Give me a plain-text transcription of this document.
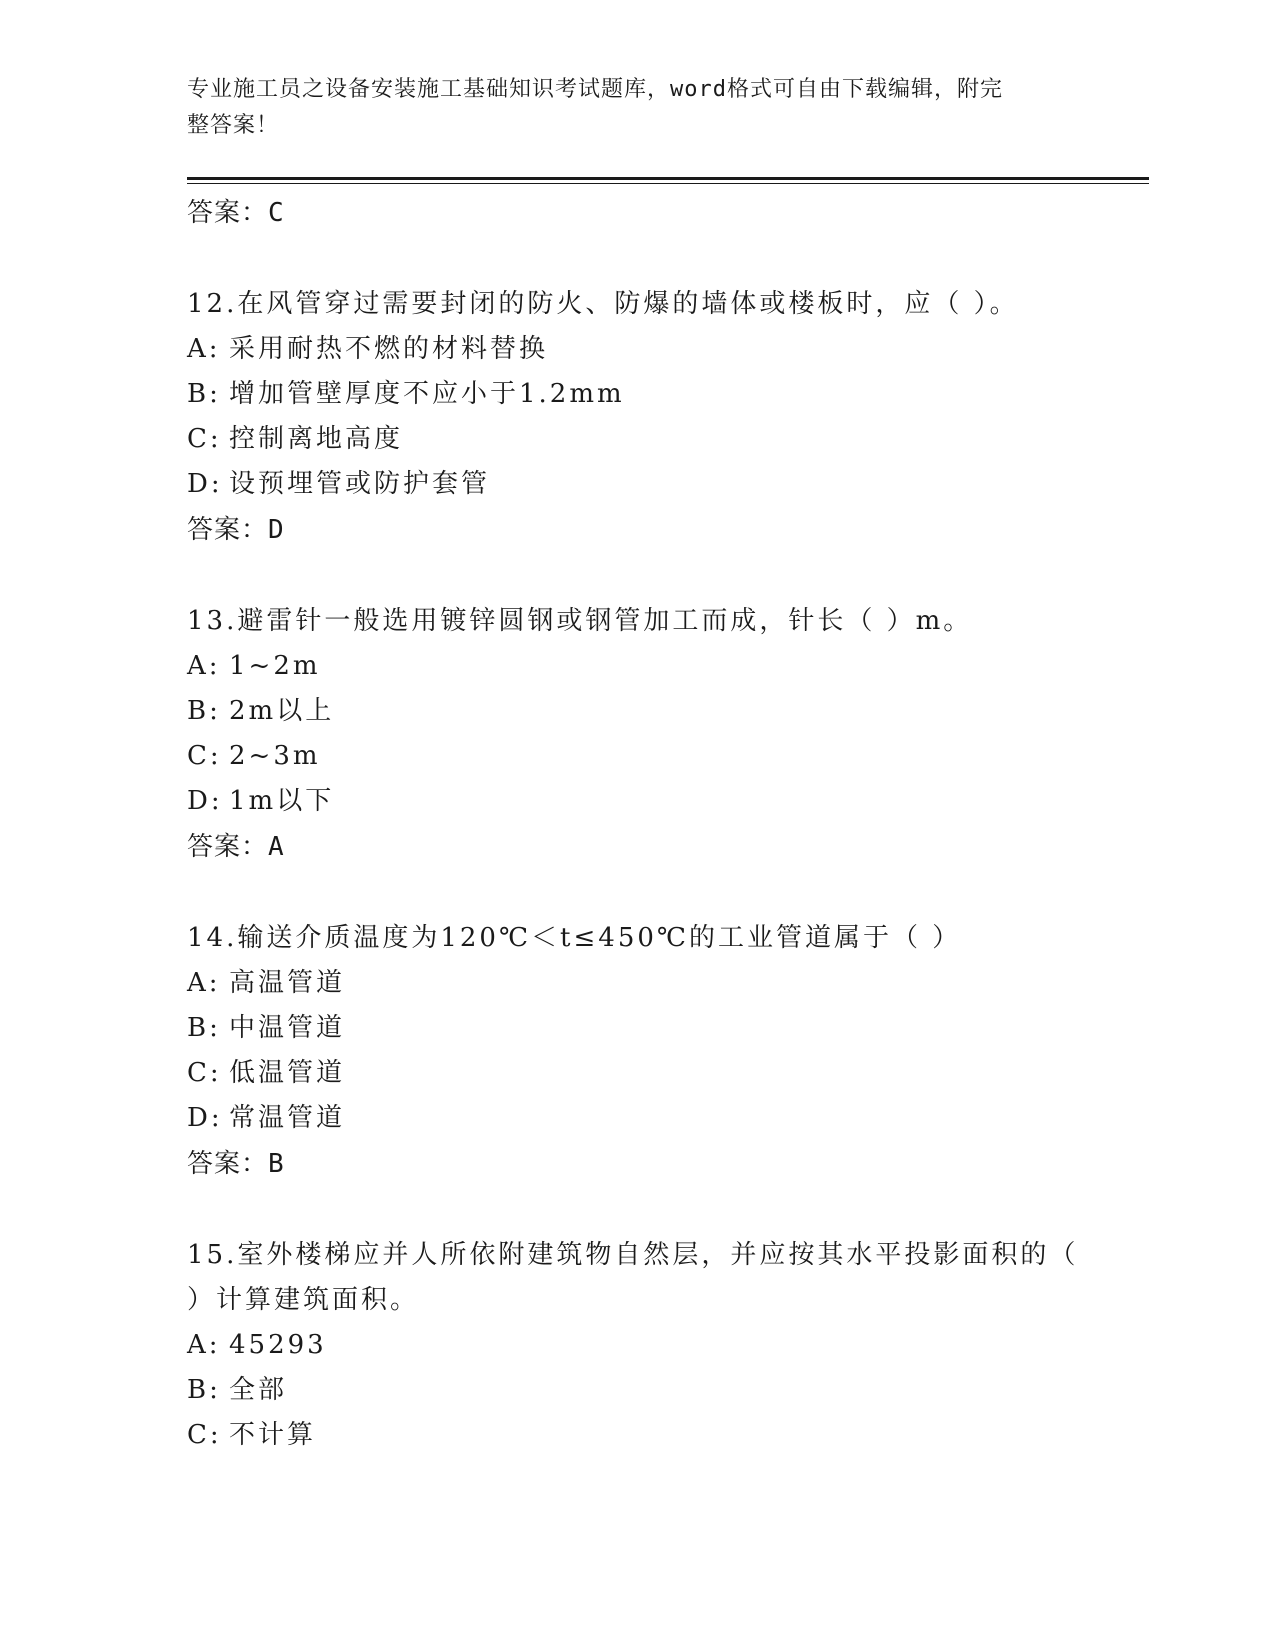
专业施工员之设备安装施工基础知识考试题库，word格式可自由下载编辑，附完
整答案！
答案：C
12.在风管穿过需要封闭的防火、防爆的墙体或楼板时，应（ ）。
A: 采用耐热不燃的材料替换
B: 增加管壁厚度不应小于1.2mm
C: 控制离地高度
D: 设预埋管或防护套管
答案：D
13.避雷针一般选用镀锌圆钢或钢管加工而成，针长（ ）m。
A: 1~2m
B: 2m以上
C: 2~3m
D: 1m以下
答案：A
14.输送介质温度为120℃＜t≤450℃的工业管道属于（ ）
A: 高温管道
B: 中温管道
C: 低温管道
D: 常温管道
答案：B
15.室外楼梯应并人所依附建筑物自然层，并应按其水平投影面积的（
）计算建筑面积。
A: 45293
B: 全部
C: 不计算
